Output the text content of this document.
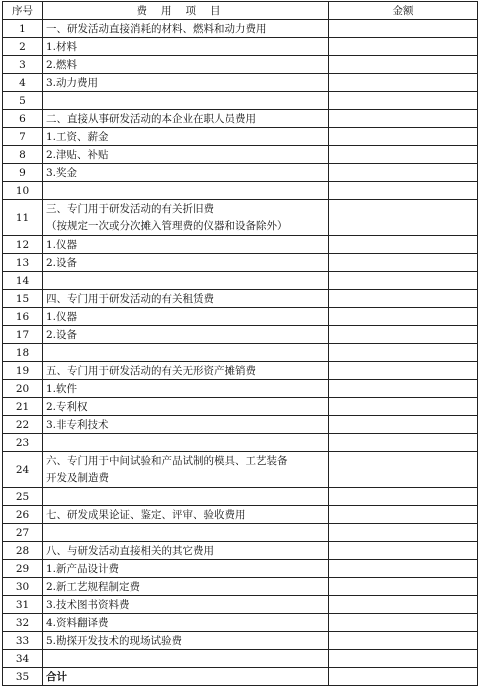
序号	费用项目	金额
1	一、研发活动直接消耗的材料、燃料和动力费用	
2	1.材料	
3	2.燃料	
4	3.动力费用	
5		
6	二、直接从事研发活动的本企业在职人员费用	
7	1.工资、薪金	
8	2.津贴、补贴	
9	3.奖金	
10		
11	三、专门用于研发活动的有关折旧费
（按规定一次或分次摊入管理费的仪器和设备除外）	

12	1.仪器	
13	2.设备	
14		
15	四、专门用于研发活动的有关租赁费	
16	1.仪器	
17	2.设备	
18		
19	五、专门用于研发活动的有关无形资产摊销费	
20	1.软件	
21	2.专利权	
22	3.非专利技术	
23		
24	六、专门用于中间试验和产品试制的模具、工艺装备
开发及制造费	

25		
26	七、研发成果论证、鉴定、评审、验收费用	
27		
28	八、与研发活动直接相关的其它费用	
29	1.新产品设计费	
30	2.新工艺规程制定费	
31	3.技术图书资料费	
32	4.资料翻译费	
33	5.勘探开发技术的现场试验费	
34		
35	合计	
